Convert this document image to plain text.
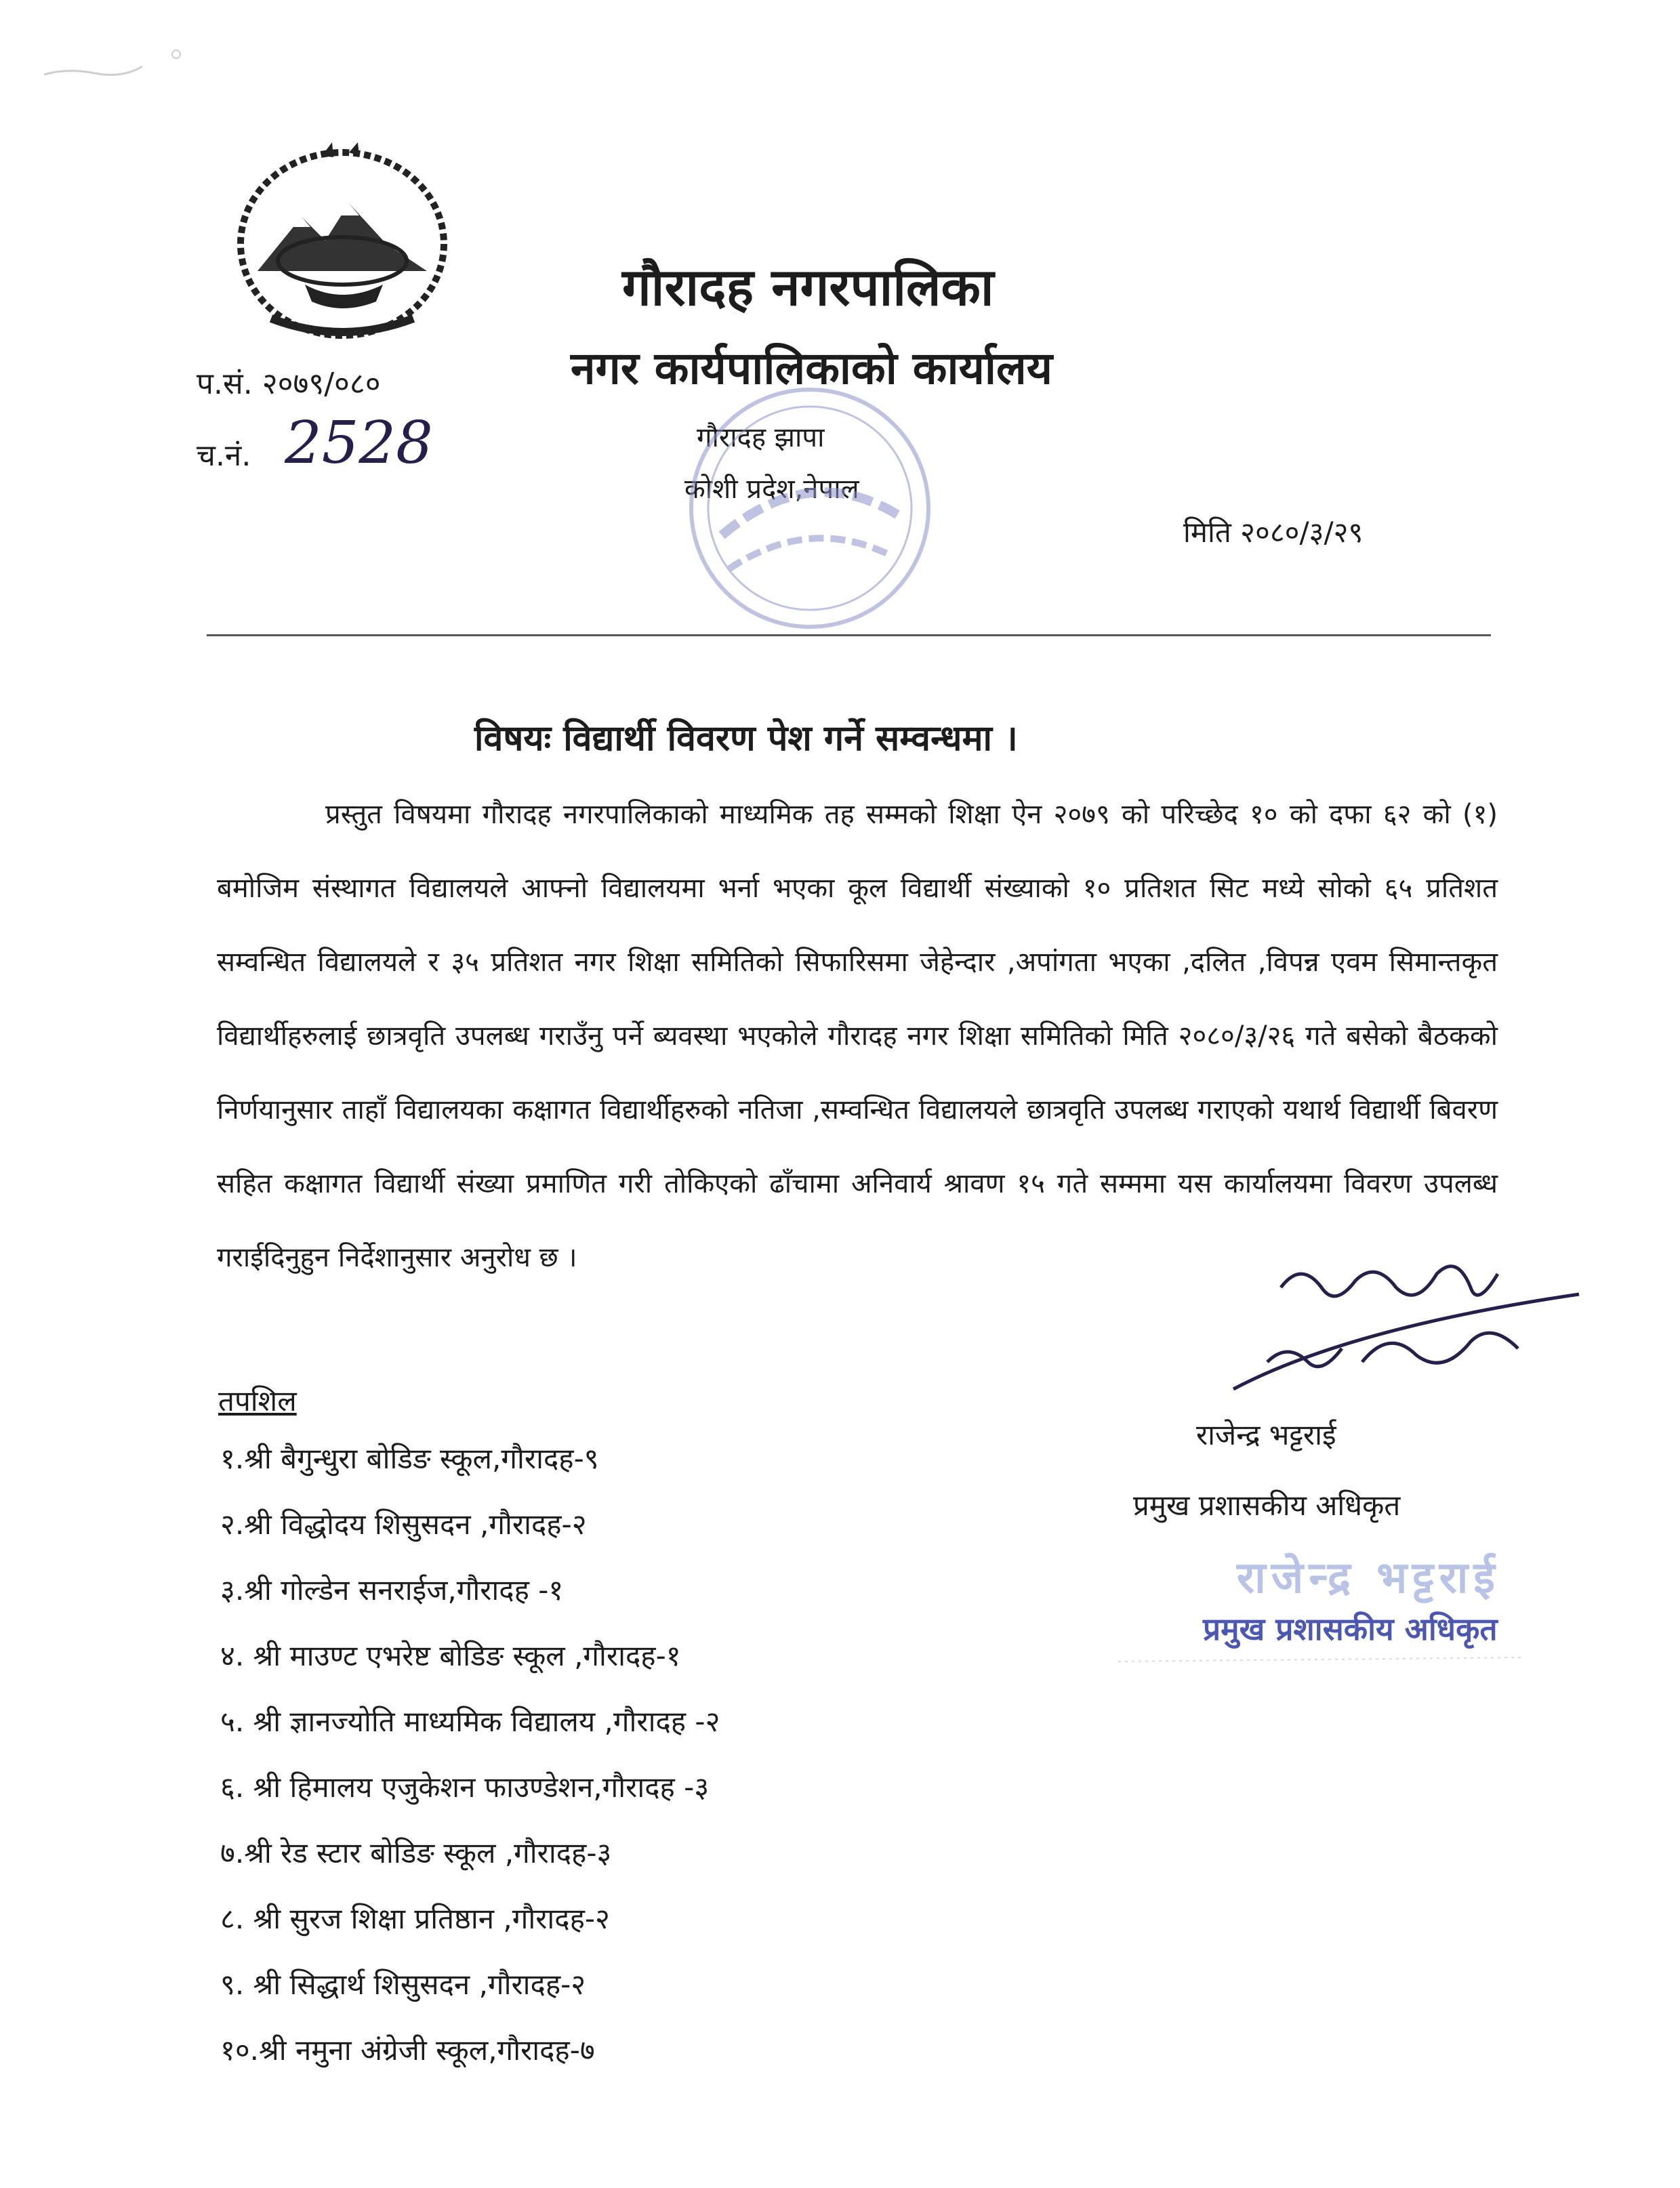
गौरादह नगरपालिका
नगर कार्यपालिकाको कार्यालय
गौरादह झापा
कोशी प्रदेश,नेपाल
प.सं. २०७९/०८०
च.नं. 2528
मिति २०८०/३/२९
विषयः विद्यार्थी विवरण पेश गर्ने सम्वन्धमा ।
प्रस्तुत विषयमा गौरादह नगरपालिकाको माध्यमिक तह सम्मको शिक्षा ऐन २०७९ को परिच्छेद १० को दफा ६२ को (१) बमोजिम संस्थागत विद्यालयले आफ्नो विद्यालयमा भर्ना भएका कूल विद्यार्थी संख्याको १० प्रतिशत सिट मध्ये सोको ६५ प्रतिशत सम्वन्धित विद्यालयले र ३५ प्रतिशत नगर शिक्षा समितिको सिफारिसमा जेहेन्दार ,अपांगता भएका ,दलित ,विपन्न एवम सिमान्तकृत विद्यार्थीहरुलाई छात्रवृति उपलब्ध गराउँनु पर्ने ब्यवस्था भएकोले गौरादह नगर शिक्षा समितिको मिति २०८०/३/२६ गते बसेको बैठकको निर्णयानुसार ताहाँ विद्यालयका कक्षागत विद्यार्थीहरुको नतिजा ,सम्वन्धित विद्यालयले छात्रवृति उपलब्ध गराएको यथार्थ विद्यार्थी बिवरण सहित कक्षागत विद्यार्थी संख्या प्रमाणित गरी तोकिएको ढाँचामा अनिवार्य श्रावण १५ गते सम्ममा यस कार्यालयमा विवरण उपलब्ध गराईदिनुहुन निर्देशानुसार अनुरोध छ ।
राजेन्द्र भट्टराई
प्रमुख प्रशासकीय अधिकृत
राजेन्द्र भट्टराई
प्रमुख प्रशासकीय अधिकृत
तपशिल
१.श्री बैगुन्धुरा बोडिङ स्कूल,गौरादह-९
२.श्री विद्धोदय शिसुसदन ,गौरादह-२
३.श्री गोल्डेन सनराईज,गौरादह -१
४. श्री माउण्ट एभरेष्ट बोडिङ स्कूल ,गौरादह-१
५. श्री ज्ञानज्योति माध्यमिक विद्यालय ,गौरादह -२
६. श्री हिमालय एजुकेशन फाउण्डेशन,गौरादह -३
७.श्री रेड स्टार बोडिङ स्कूल ,गौरादह-३
८. श्री सुरज शिक्षा प्रतिष्ठान ,गौरादह-२
९. श्री सिद्धार्थ शिसुसदन ,गौरादह-२
१०.श्री नमुना अंग्रेजी स्कूल,गौरादह-७
